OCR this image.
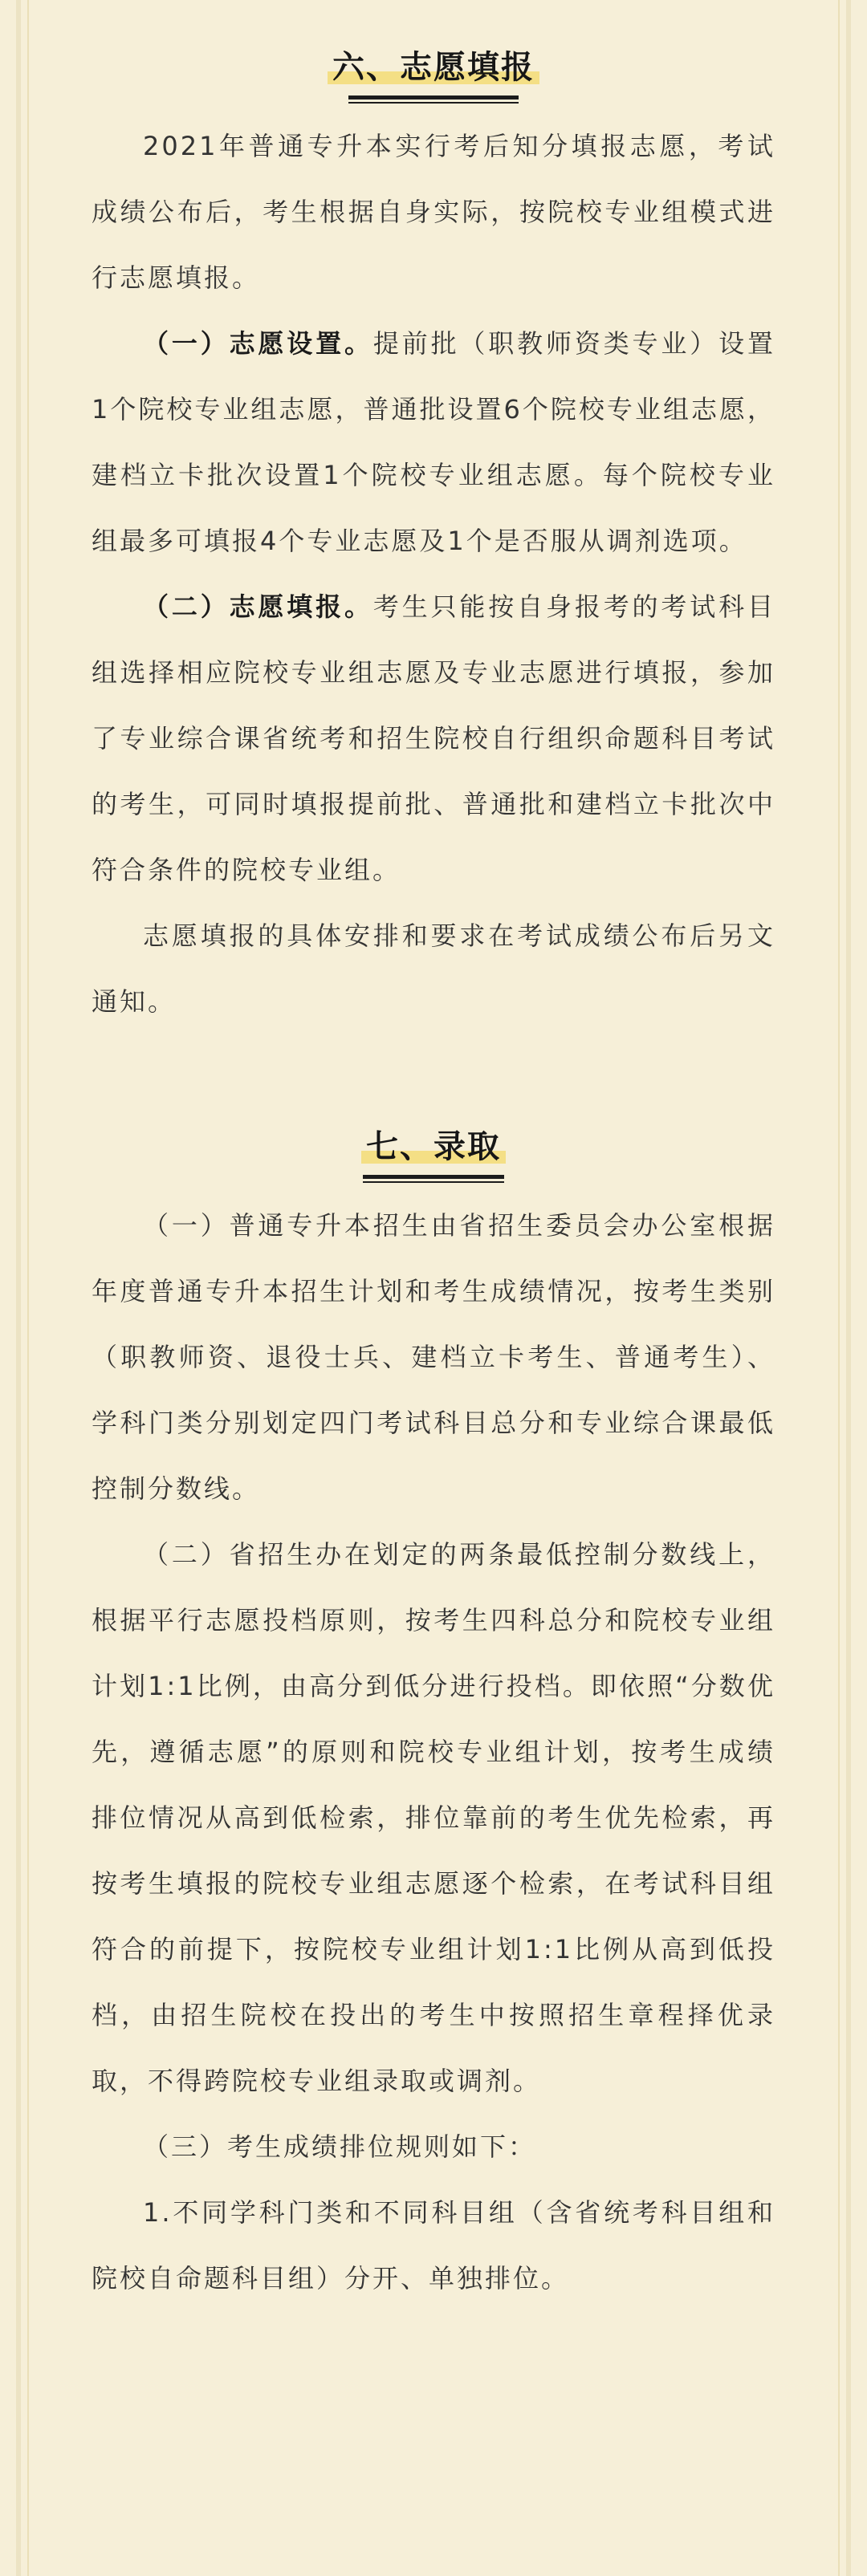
六、志愿填报

2021年普通专升本实行考后知分填报志愿，考试成绩公布后，考生根据自身实际，按院校专业组模式进行志愿填报。

（一）志愿设置。提前批（职教师资类专业）设置1个院校专业组志愿，普通批设置6个院校专业组志愿，建档立卡批次设置1个院校专业组志愿。每个院校专业组最多可填报4个专业志愿及1个是否服从调剂选项。

（二）志愿填报。考生只能按自身报考的考试科目组选择相应院校专业组志愿及专业志愿进行填报，参加了专业综合课省统考和招生院校自行组织命题科目考试的考生，可同时填报提前批、普通批和建档立卡批次中符合条件的院校专业组。

志愿填报的具体安排和要求在考试成绩公布后另文通知。

七、录取

（一）普通专升本招生由省招生委员会办公室根据年度普通专升本招生计划和考生成绩情况，按考生类别（职教师资、退役士兵、建档立卡考生、普通考生）、学科门类分别划定四门考试科目总分和专业综合课最低控制分数线。

（二）省招生办在划定的两条最低控制分数线上，根据平行志愿投档原则，按考生四科总分和院校专业组计划1:1比例，由高分到低分进行投档。即依照“分数优先，遵循志愿”的原则和院校专业组计划，按考生成绩排位情况从高到低检索，排位靠前的考生优先检索，再按考生填报的院校专业组志愿逐个检索，在考试科目组符合的前提下，按院校专业组计划1:1比例从高到低投档，由招生院校在投出的考生中按照招生章程择优录取，不得跨院校专业组录取或调剂。

（三）考生成绩排位规则如下：

1.不同学科门类和不同科目组（含省统考科目组和院校自命题科目组）分开、单独排位。
